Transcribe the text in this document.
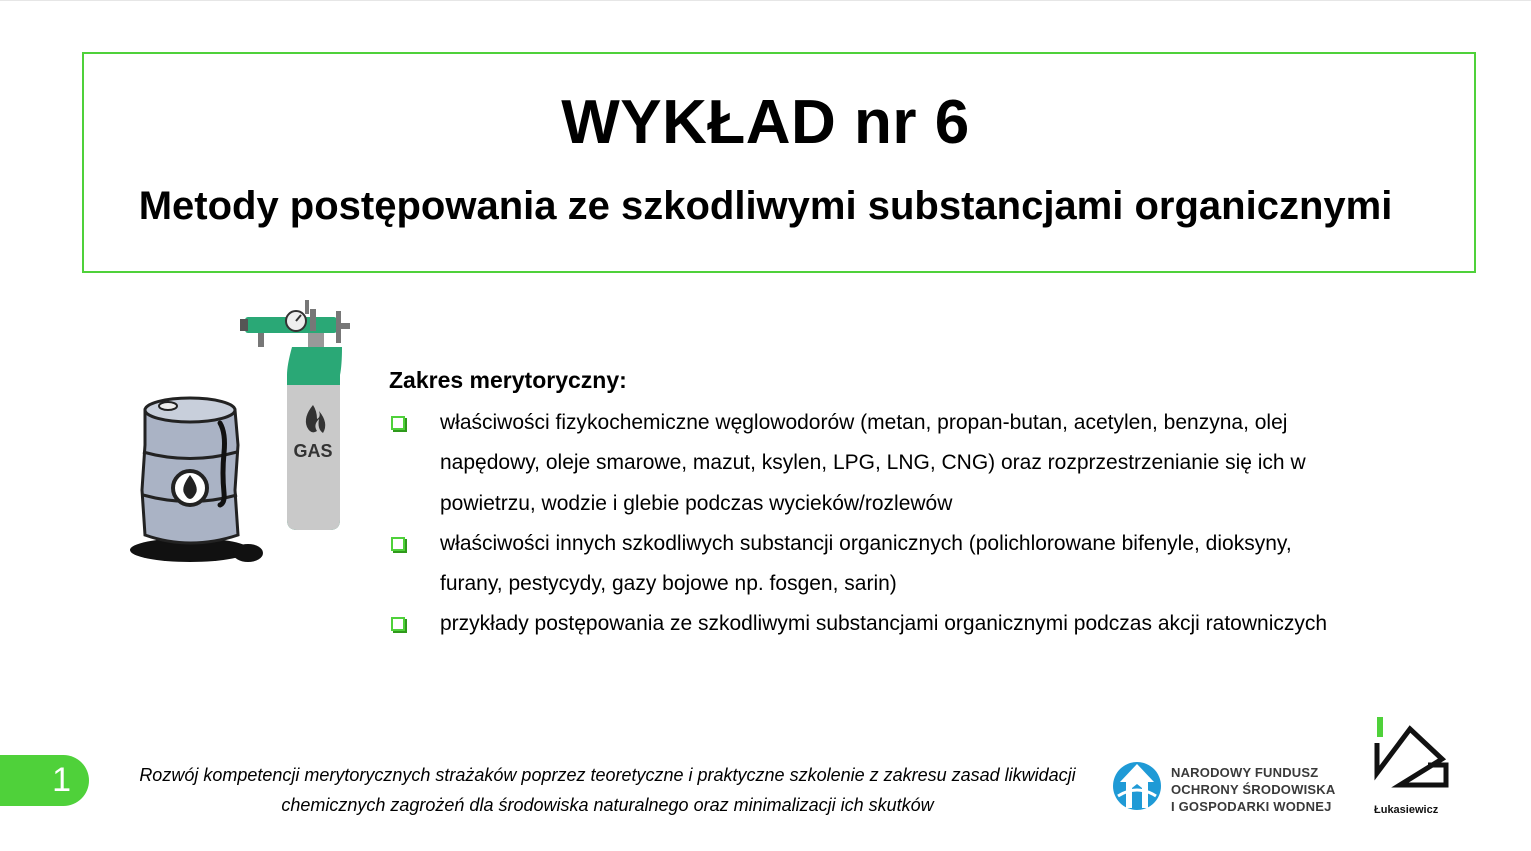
WYKŁAD nr 6
Metody postępowania ze szkodliwymi substancjami organicznymi
GAS
Zakres merytoryczny:
właściwości fizykochemiczne węglowodorów (metan, propan-butan, acetylen, benzyna, olej napędowy, oleje smarowe, mazut, ksylen, LPG, LNG, CNG) oraz rozprzestrzenianie się ich w powietrzu, wodzie i glebie podczas wycieków/rozlewów
właściwości innych szkodliwych substancji organicznych (polichlorowane bifenyle, dioksyny, furany, pestycydy, gazy bojowe np. fosgen, sarin)
przykłady postępowania ze szkodliwymi substancjami organicznymi podczas akcji ratowniczych
1	Rozwój kompetencji merytorycznych strażaków poprzez teoretyczne i praktyczne szkolenie z zakresu zasad likwidacji chemicznych zagrożeń dla środowiska naturalnego oraz minimalizacji ich skutków
NARODOWY FUNDUSZ
OCHRONY ŚRODOWISKA
I GOSPODARKI WODNEJ	Łukasiewicz
